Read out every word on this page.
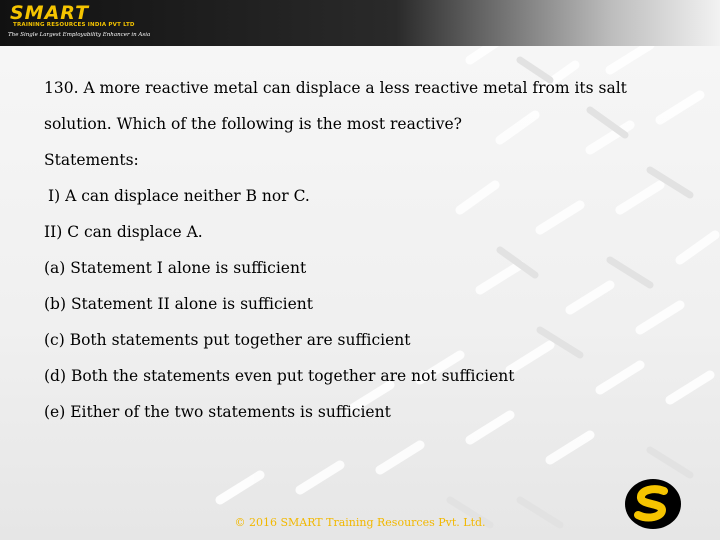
SMART
TRAINING RESOURCES INDIA PVT LTD
The Single Largest Employability Enhancer in Asia
130. A more reactive metal can displace a less reactive metal from its salt
solution. Which of the following is the most reactive?
Statements:
I) A can displace neither B nor C.
II) C can displace A.
(a) Statement I alone is sufficient
(b) Statement II alone is sufficient
(c) Both statements put together are sufficient
(d) Both the statements even put together are not sufficient
(e) Either of the two statements is sufficient
© 2016 SMART Training Resources Pvt. Ltd.
